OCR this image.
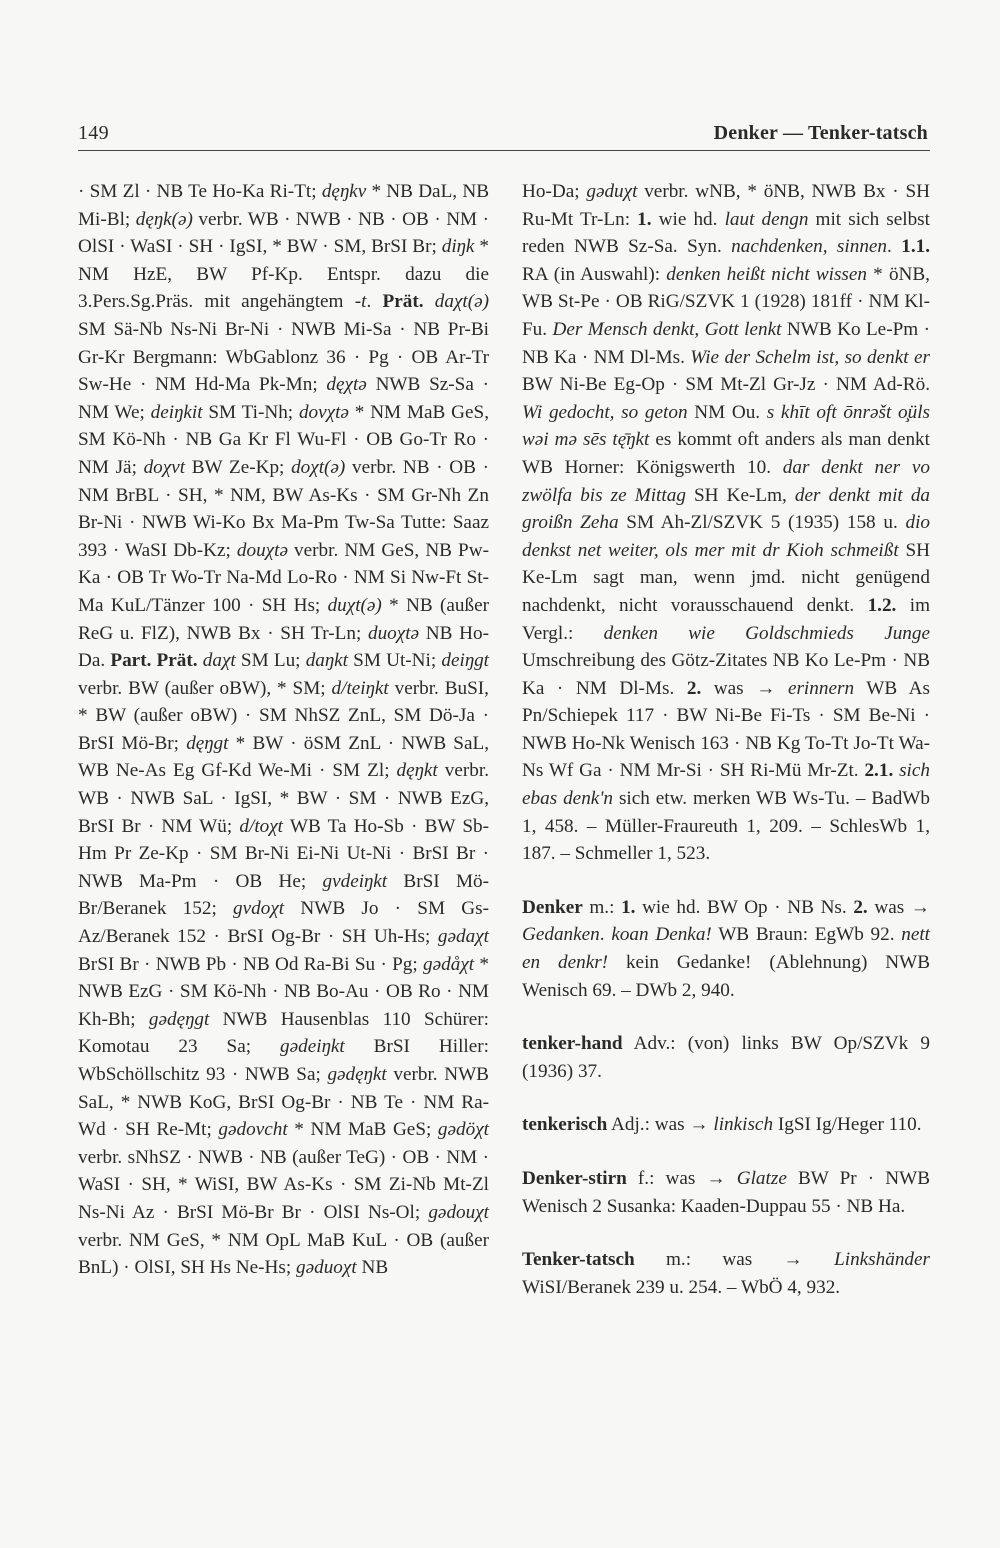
149	Denker — Tenker-tatsch

· SM Zl · NB Te Ho-Ka Ri-Tt; dęŋkv * NB DaL, NB Mi-Bl; dęŋk(ə) verbr. WB · NWB · NB · OB · NM · OlSI · WaSI · SH · IgSI, * BW · SM, BrSI Br; diŋk * NM HzE, BW Pf-Kp. Entspr. dazu die 3.Pers.Sg.Präs. mit angehängtem -t. Prät. daχt(ə) SM Sä-Nb Ns-Ni Br-Ni · NWB Mi-Sa · NB Pr-Bi Gr-Kr Bergmann: WbGablonz 36 · Pg · OB Ar-Tr Sw-He · NM Hd-Ma Pk-Mn; dęχtə NWB Sz-Sa · NM We; deiŋkit SM Ti-Nh; dovχtə * NM MaB GeS, SM Kö-Nh · NB Ga Kr Fl Wu-Fl · OB Go-Tr Ro · NM Jä; doχvt BW Ze-Kp; doχt(ə) verbr. NB · OB · NM BrBL · SH, * NM, BW As-Ks · SM Gr-Nh Zn Br-Ni · NWB Wi-Ko Bx Ma-Pm Tw-Sa Tutte: Saaz 393 · WaSI Db-Kz; douχtə verbr. NM GeS, NB Pw-Ka · OB Tr Wo-Tr Na-Md Lo-Ro · NM Si Nw-Ft St-Ma KuL/Tänzer 100 · SH Hs; duχt(ə) * NB (außer ReG u. FlZ), NWB Bx · SH Tr-Ln; duoχtə NB Ho-Da. Part. Prät. daχt SM Lu; daŋkt SM Ut-Ni; deiŋgt verbr. BW (außer oBW), * SM; d/teiŋkt verbr. BuSI, * BW (außer oBW) · SM NhSZ ZnL, SM Dö-Ja · BrSI Mö-Br; dęŋgt * BW · öSM ZnL · NWB SaL, WB Ne-As Eg Gf-Kd We-Mi · SM Zl; dęŋkt verbr. WB · NWB SaL · IgSI, * BW · SM · NWB EzG, BrSI Br · NM Wü; d/toχt WB Ta Ho-Sb · BW Sb-Hm Pr Ze-Kp · SM Br-Ni Ei-Ni Ut-Ni · BrSI Br · NWB Ma-Pm · OB He; gvdeiŋkt BrSI Mö-Br/Beranek 152; gvdoχt NWB Jo · SM Gs-Az/Beranek 152 · BrSI Og-Br · SH Uh-Hs; gədaχt BrSI Br · NWB Pb · NB Od Ra-Bi Su · Pg; gədåχt * NWB EzG · SM Kö-Nh · NB Bo-Au · OB Ro · NM Kh-Bh; gədęŋgt NWB Hausenblas 110 Schürer: Komotau 23 Sa; gədeiŋkt BrSI Hiller: WbSchöllschitz 93 · NWB Sa; gədęŋkt verbr. NWB SaL, * NWB KoG, BrSI Og-Br · NB Te · NM Ra-Wd · SH Re-Mt; gədovcht * NM MaB GeS; gədöχt verbr. sNhSZ · NWB · NB (außer TeG) · OB · NM · WaSI · SH, * WiSI, BW As-Ks · SM Zi-Nb Mt-Zl Ns-Ni Az · BrSI Mö-Br Br · OlSI Ns-Ol; gədouχt verbr. NM GeS, * NM OpL MaB KuL · OB (außer BnL) · OlSI, SH Hs Ne-Hs; gəduoχt NB

Ho-Da; gəduχt verbr. wNB, * öNB, NWB Bx · SH Ru-Mt Tr-Ln: 1. wie hd. laut dengn mit sich selbst reden NWB Sz-Sa. Syn. nachdenken, sinnen. 1.1. RA (in Auswahl): denken heißt nicht wissen * öNB, WB St-Pe · OB RiG/SZVK 1 (1928) 181ff · NM Kl-Fu. Der Mensch denkt, Gott lenkt NWB Ko Le-Pm · NB Ka · NM Dl-Ms. Wie der Schelm ist, so denkt er BW Ni-Be Eg-Op · SM Mt-Zl Gr-Jz · NM Ad-Rö. Wi gedocht, so geton NM Ou. s khīt oft ōnrəšt o̧üls wəi mə sēs tę̄ŋkt es kommt oft anders als man denkt WB Horner: Königswerth 10. dar denkt ner vo zwölfa bis ze Mittag SH Ke-Lm, der denkt mit da groißn Zeha SM Ah-Zl/SZVK 5 (1935) 158 u. dio denkst net weiter, ols mer mit dr Kioh schmeißt SH Ke-Lm sagt man, wenn jmd. nicht genügend nachdenkt, nicht vorausschauend denkt. 1.2. im Vergl.: denken wie Goldschmieds Junge Umschreibung des Götz-Zitates NB Ko Le-Pm · NB Ka · NM Dl-Ms. 2. was → erinnern WB As Pn/Schiepek 117 · BW Ni-Be Fi-Ts · SM Be-Ni · NWB Ho-Nk Wenisch 163 · NB Kg To-Tt Jo-Tt Wa-Ns Wf Ga · NM Mr-Si · SH Ri-Mü Mr-Zt. 2.1. sich ebas denk'n sich etw. merken WB Ws-Tu. – BadWb 1, 458. – Müller-Fraureuth 1, 209. – SchlesWb 1, 187. – Schmeller 1, 523.

Denker m.: 1. wie hd. BW Op · NB Ns. 2. was → Gedanken. koan Denka! WB Braun: EgWb 92. nett en denkr! kein Gedanke! (Ablehnung) NWB Wenisch 69. – DWb 2, 940.

tenker-hand Adv.: (von) links BW Op/SZVk 9 (1936) 37.

tenkerisch Adj.: was → linkisch IgSI Ig/Heger 110.

Denker-stirn f.: was → Glatze BW Pr · NWB Wenisch 2 Susanka: Kaaden-Duppau 55 · NB Ha.

Tenker-tatsch m.: was → Linkshänder WiSI/Beranek 239 u. 254. – WbÖ 4, 932.
